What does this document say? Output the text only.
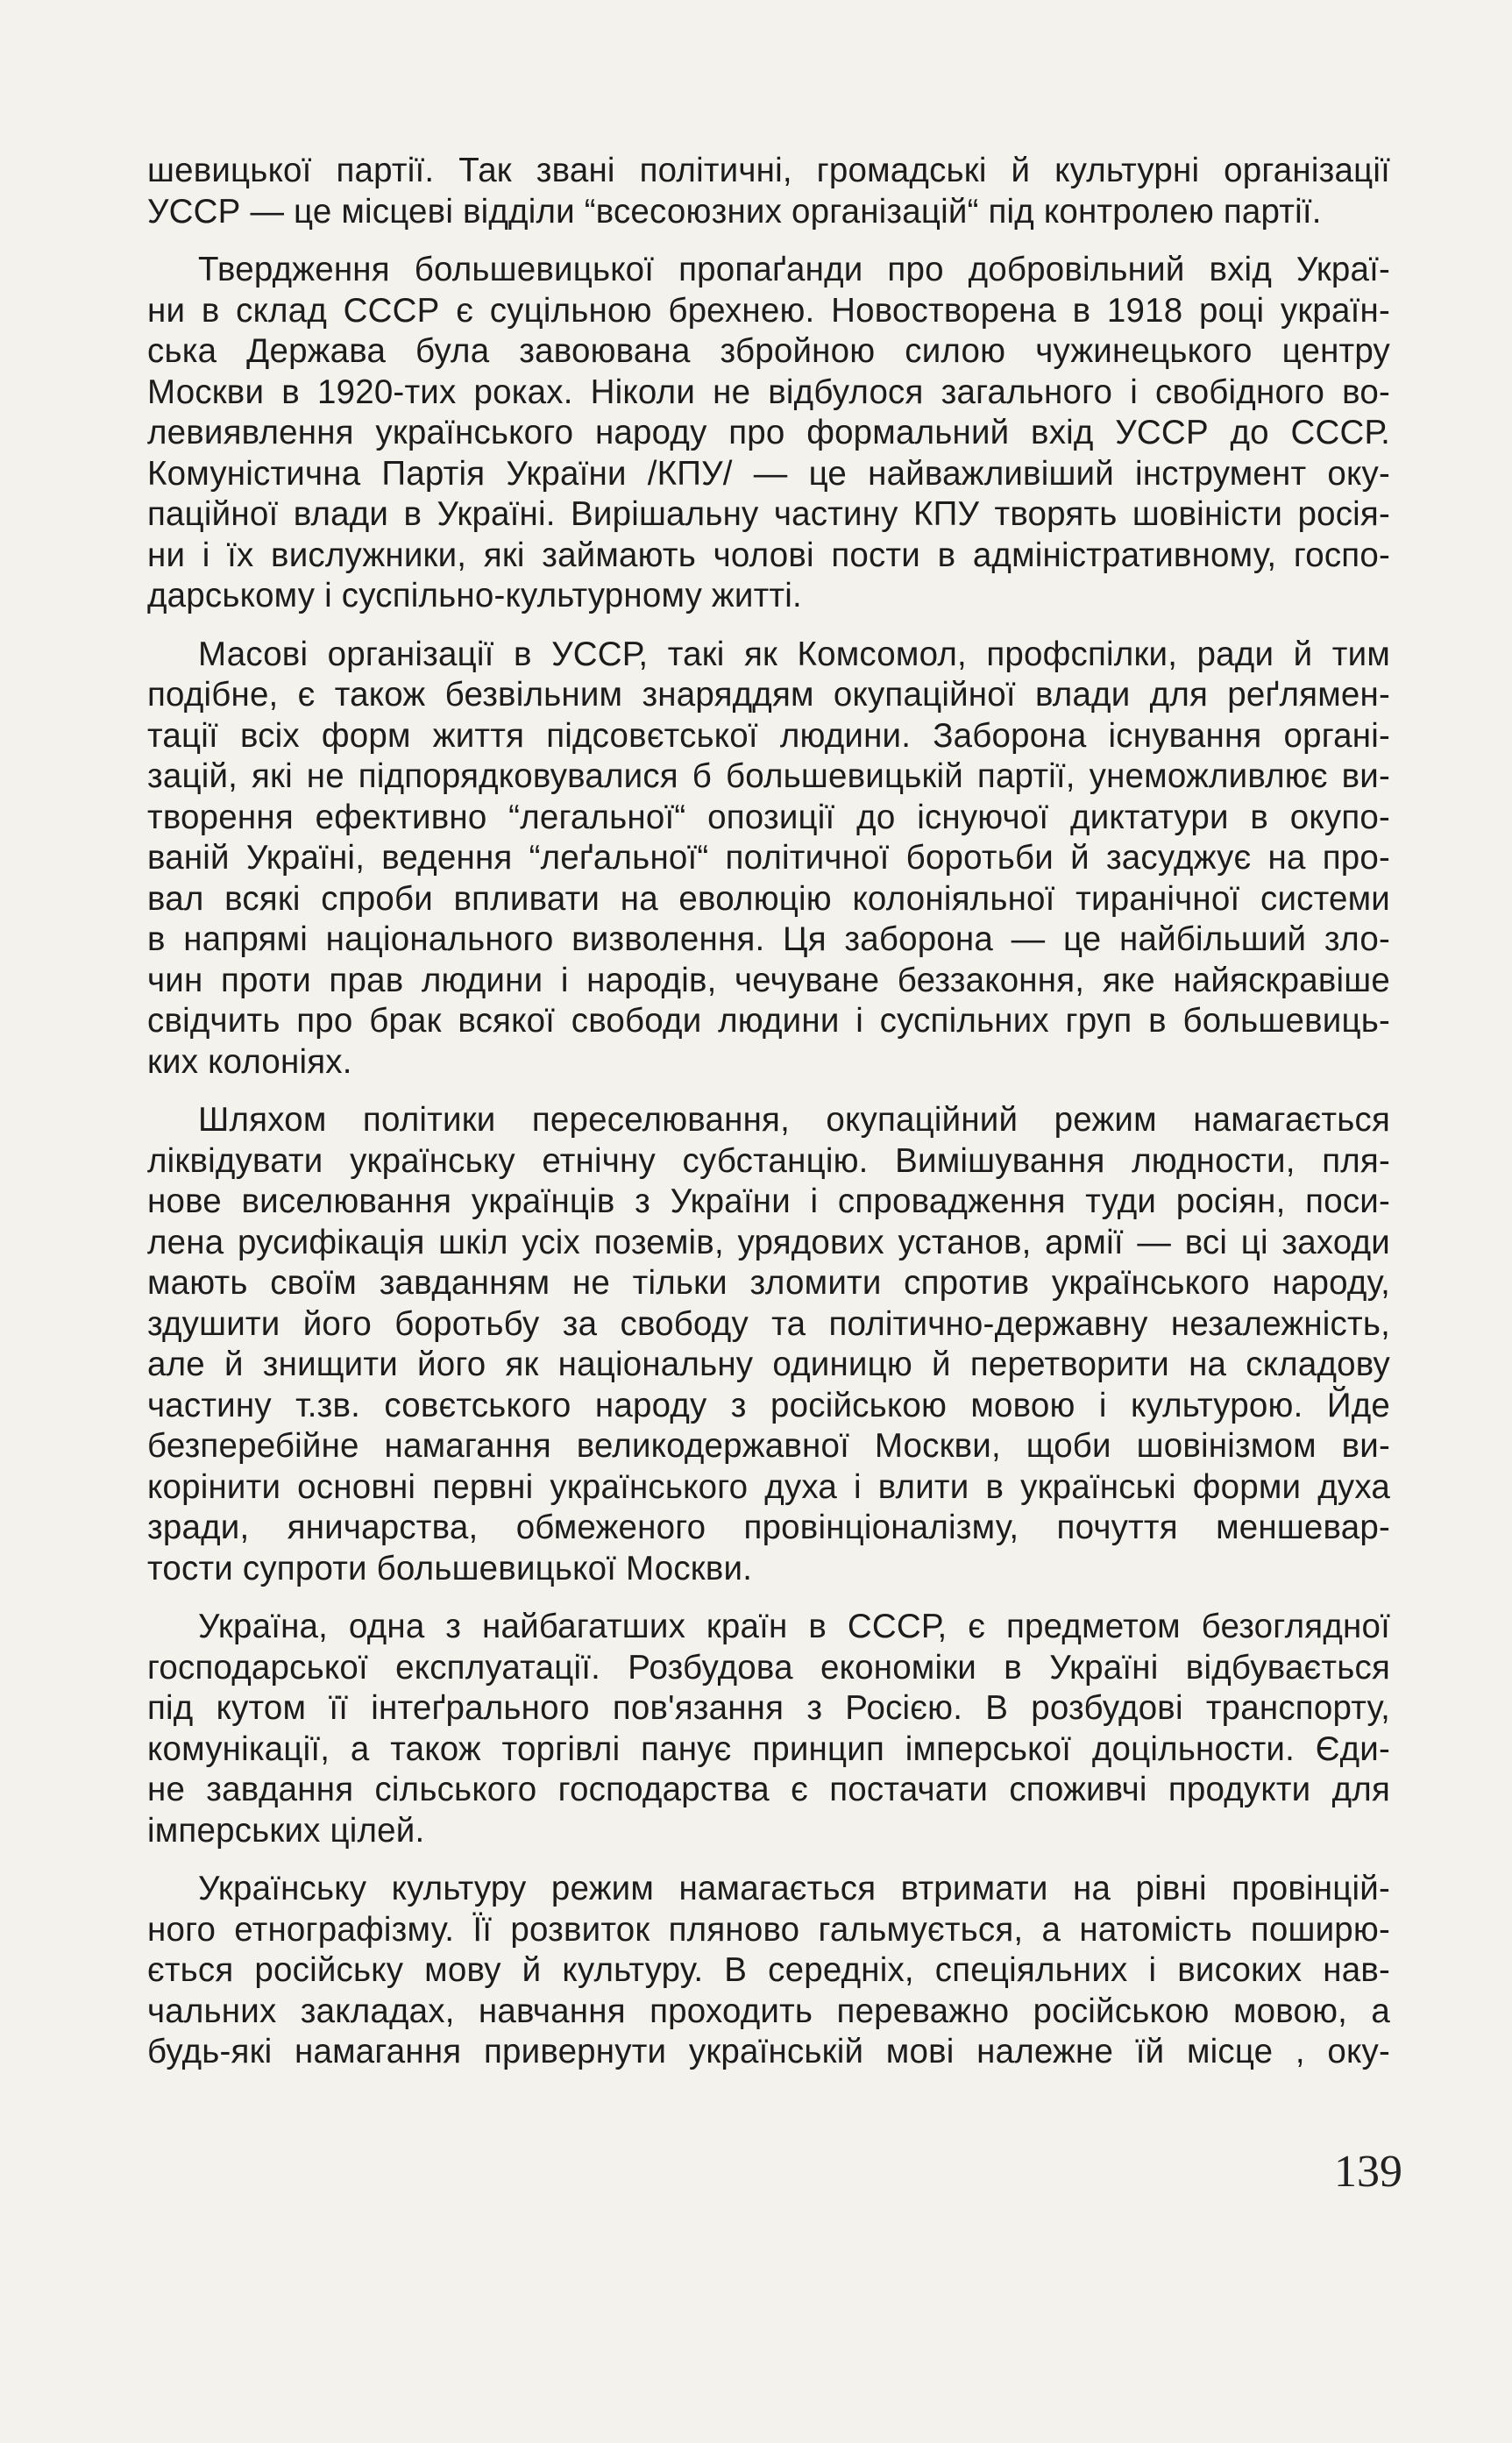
шевицької партії. Так звані політичні, громадські й культурні організації
УССР — це місцеві відділи “всесоюзних організацій“ під контролею партії.

Твердження большевицької пропаґанди про добровільний вхід Украї-

ни в склад СССР є суцільною брехнею. Новостворена в 1918 році україн-
ська Держава була завоювана збройною силою чужинецького центру
Москви в 1920-тих роках. Ніколи не відбулося загального і свобідного во-
левиявлення українського народу про формальний вхід УССР до СССР.
Комуністична Партія України /КПУ/ — це найважливіший інструмент оку-
паційної влади в Україні. Вирішальну частину КПУ творять шовіністи росія-
ни і їх вислужники, які займають чолові пости в адміністративному, госпо-
дарському і суспільно-культурному житті.

Масові організації в УССР, такі як Комсомол, профспілки, ради й тим

подібне, є також безвільним знаряддям окупаційної влади для реґлямен-
тації всіх форм життя підсовєтської людини. Заборона існування органі-
зацій, які не підпорядковувалися б большевицькій партії, унеможливлює ви-
творення ефективно “легальної“ опозиції до існуючої диктатури в окупо-
ваній Україні, ведення “леґальної“ політичної боротьби й засуджує на про-
вал всякі спроби впливати на еволюцію колоніяльної тиранічної системи
в напрямі національного визволення. Ця заборона — це найбільший зло-
чин проти прав людини і народів, чечуване беззаконня, яке найяскравіше
свідчить про брак всякої свободи людини і суспільних груп в большевиць-
ких колоніях.

Шляхом політики переселювання, окупаційний режим намагається

ліквідувати українську етнічну субстанцію. Вимішування людности, пля-
нове виселювання українців з України і спровадження туди росіян, поси-
лена русифікація шкіл усіх поземів, урядових установ, армії — всі ці заходи
мають своїм завданням не тільки зломити спротив українського народу,
здушити його боротьбу за свободу та політично-державну незалежність,
але й знищити його як національну одиницю й перетворити на складову
частину т.зв. совєтського народу з російською мовою і культурою. Йде
безперебійне намагання великодержавної Москви, щоби шовінізмом ви-
корінити основні первні українського духа і влити в українські форми духа
зради, яничарства, обмеженого провінціоналізму, почуття меншевар-
тости супроти большевицької Москви.

Україна, одна з найбагатших країн в СССР, є предметом безоглядної

господарської експлуатації. Розбудова економіки в Україні відбувається
під кутом її інтеґрального пов'язання з Росією. В розбудові транспорту,
комунікації, а також торгівлі панує принцип імперської доцільности. Єди-
не завдання сільського господарства є постачати споживчі продукти для
імперських цілей.

Українську культуру режим намагається втримати на рівні провінцій-

ного етнографізму. Її розвиток пляново гальмується, а натомість поширю-
ється російську мову й культуру. В середніх, спеціяльних і високих нав-
чальних закладах, навчання проходить переважно російською мовою, а
будь-які намагання привернути українській мові належне їй місце , оку-

139
